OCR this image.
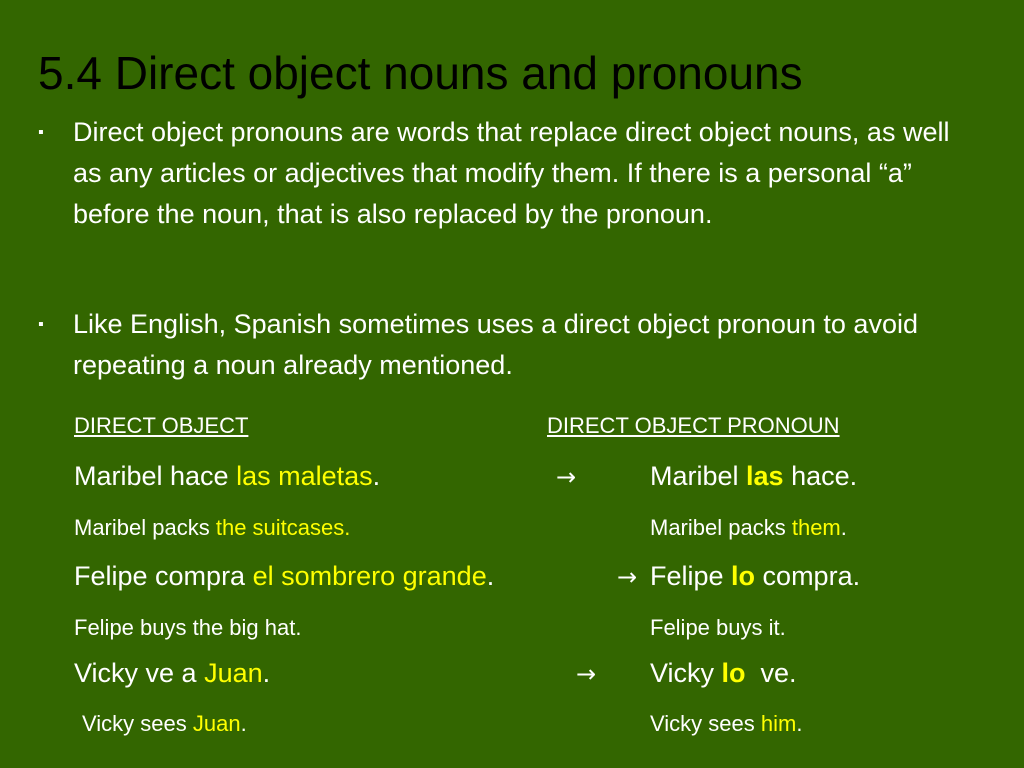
5.4 Direct object nouns and pronouns
▪ Direct object pronouns are words that replace direct object nouns, as well as any articles or adjectives that modify them. If there is a personal “a” before the noun, that is also replaced by the pronoun.
▪ Like English, Spanish sometimes uses a direct object pronoun to avoid repeating a noun already mentioned.
DIRECT OBJECT	DIRECT OBJECT PRONOUN
Maribel hace las maletas.	→	Maribel las hace.
Maribel packs the suitcases.	Maribel packs them.
Felipe compra el sombrero grande.	→ Felipe lo compra.
Felipe buys the big hat.	Felipe buys it.
Vicky ve a Juan.	→ Vicky lo  ve.
Vicky sees Juan.	Vicky sees him.
